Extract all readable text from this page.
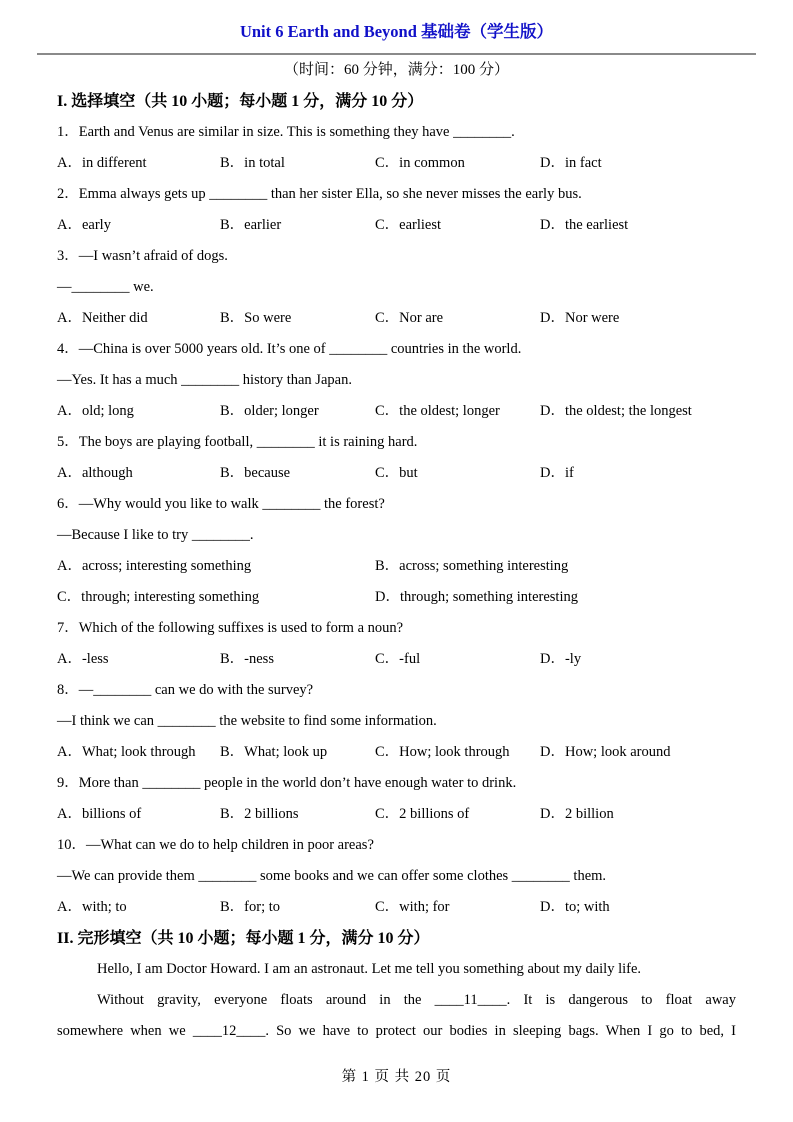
Unit 6 Earth and Beyond 基础卷（学生版）

（时间：60 分钟，满分：100 分）

I. 选择填空（共 10 小题；每小题 1 分，满分 10 分）

1．Earth and Venus are similar in size. This is something they have ________.

A．in different	B．in total	C．in common	D．in fact

2．Emma always gets up ________ than her sister Ella, so she never misses the early bus.

A．early	B．earlier	C．earliest	D．the earliest

3．—I wasn’t afraid of dogs.

—________ we.

A．Neither did	B．So were	C．Nor are	D．Nor were

4．—China is over 5000 years old. It’s one of ________ countries in the world.

—Yes. It has a much ________ history than Japan.

A．old; long	B．older; longer	C．the oldest; longer	D．the oldest; the longest

5．The boys are playing football, ________ it is raining hard.

A．although	B．because	C．but	D．if

6．—Why would you like to walk ________ the forest?

—Because I like to try ________.

A．across; interesting something	B．across; something interesting
C．through; interesting something	D．through; something interesting

7．Which of the following suffixes is used to form a noun?

A．-less	B．-ness	C．-ful	D．-ly

8．—________ can we do with the survey?

—I think we can ________ the website to find some information.

A．What; look through	B．What; look up	C．How; look through	D．How; look around

9．More than ________ people in the world don’t have enough water to drink.

A．billions of	B．2 billions	C．2 billions of	D．2 billion

10．—What can we do to help children in poor areas?

—We can provide them ________ some books and we can offer some clothes ________ them.

A．with; to	B．for; to	C．with; for	D．to; with

II. 完形填空（共 10 小题；每小题 1 分，满分 10 分）

Hello, I am Doctor Howard. I am an astronaut. Let me tell you something about my daily life.

Without gravity, everyone floats around in the ____11____. It is dangerous to float away

somewhere when we ____12____. So we have to protect our bodies in sleeping bags. When I go to bed, I

第 1 页 共 20 页
